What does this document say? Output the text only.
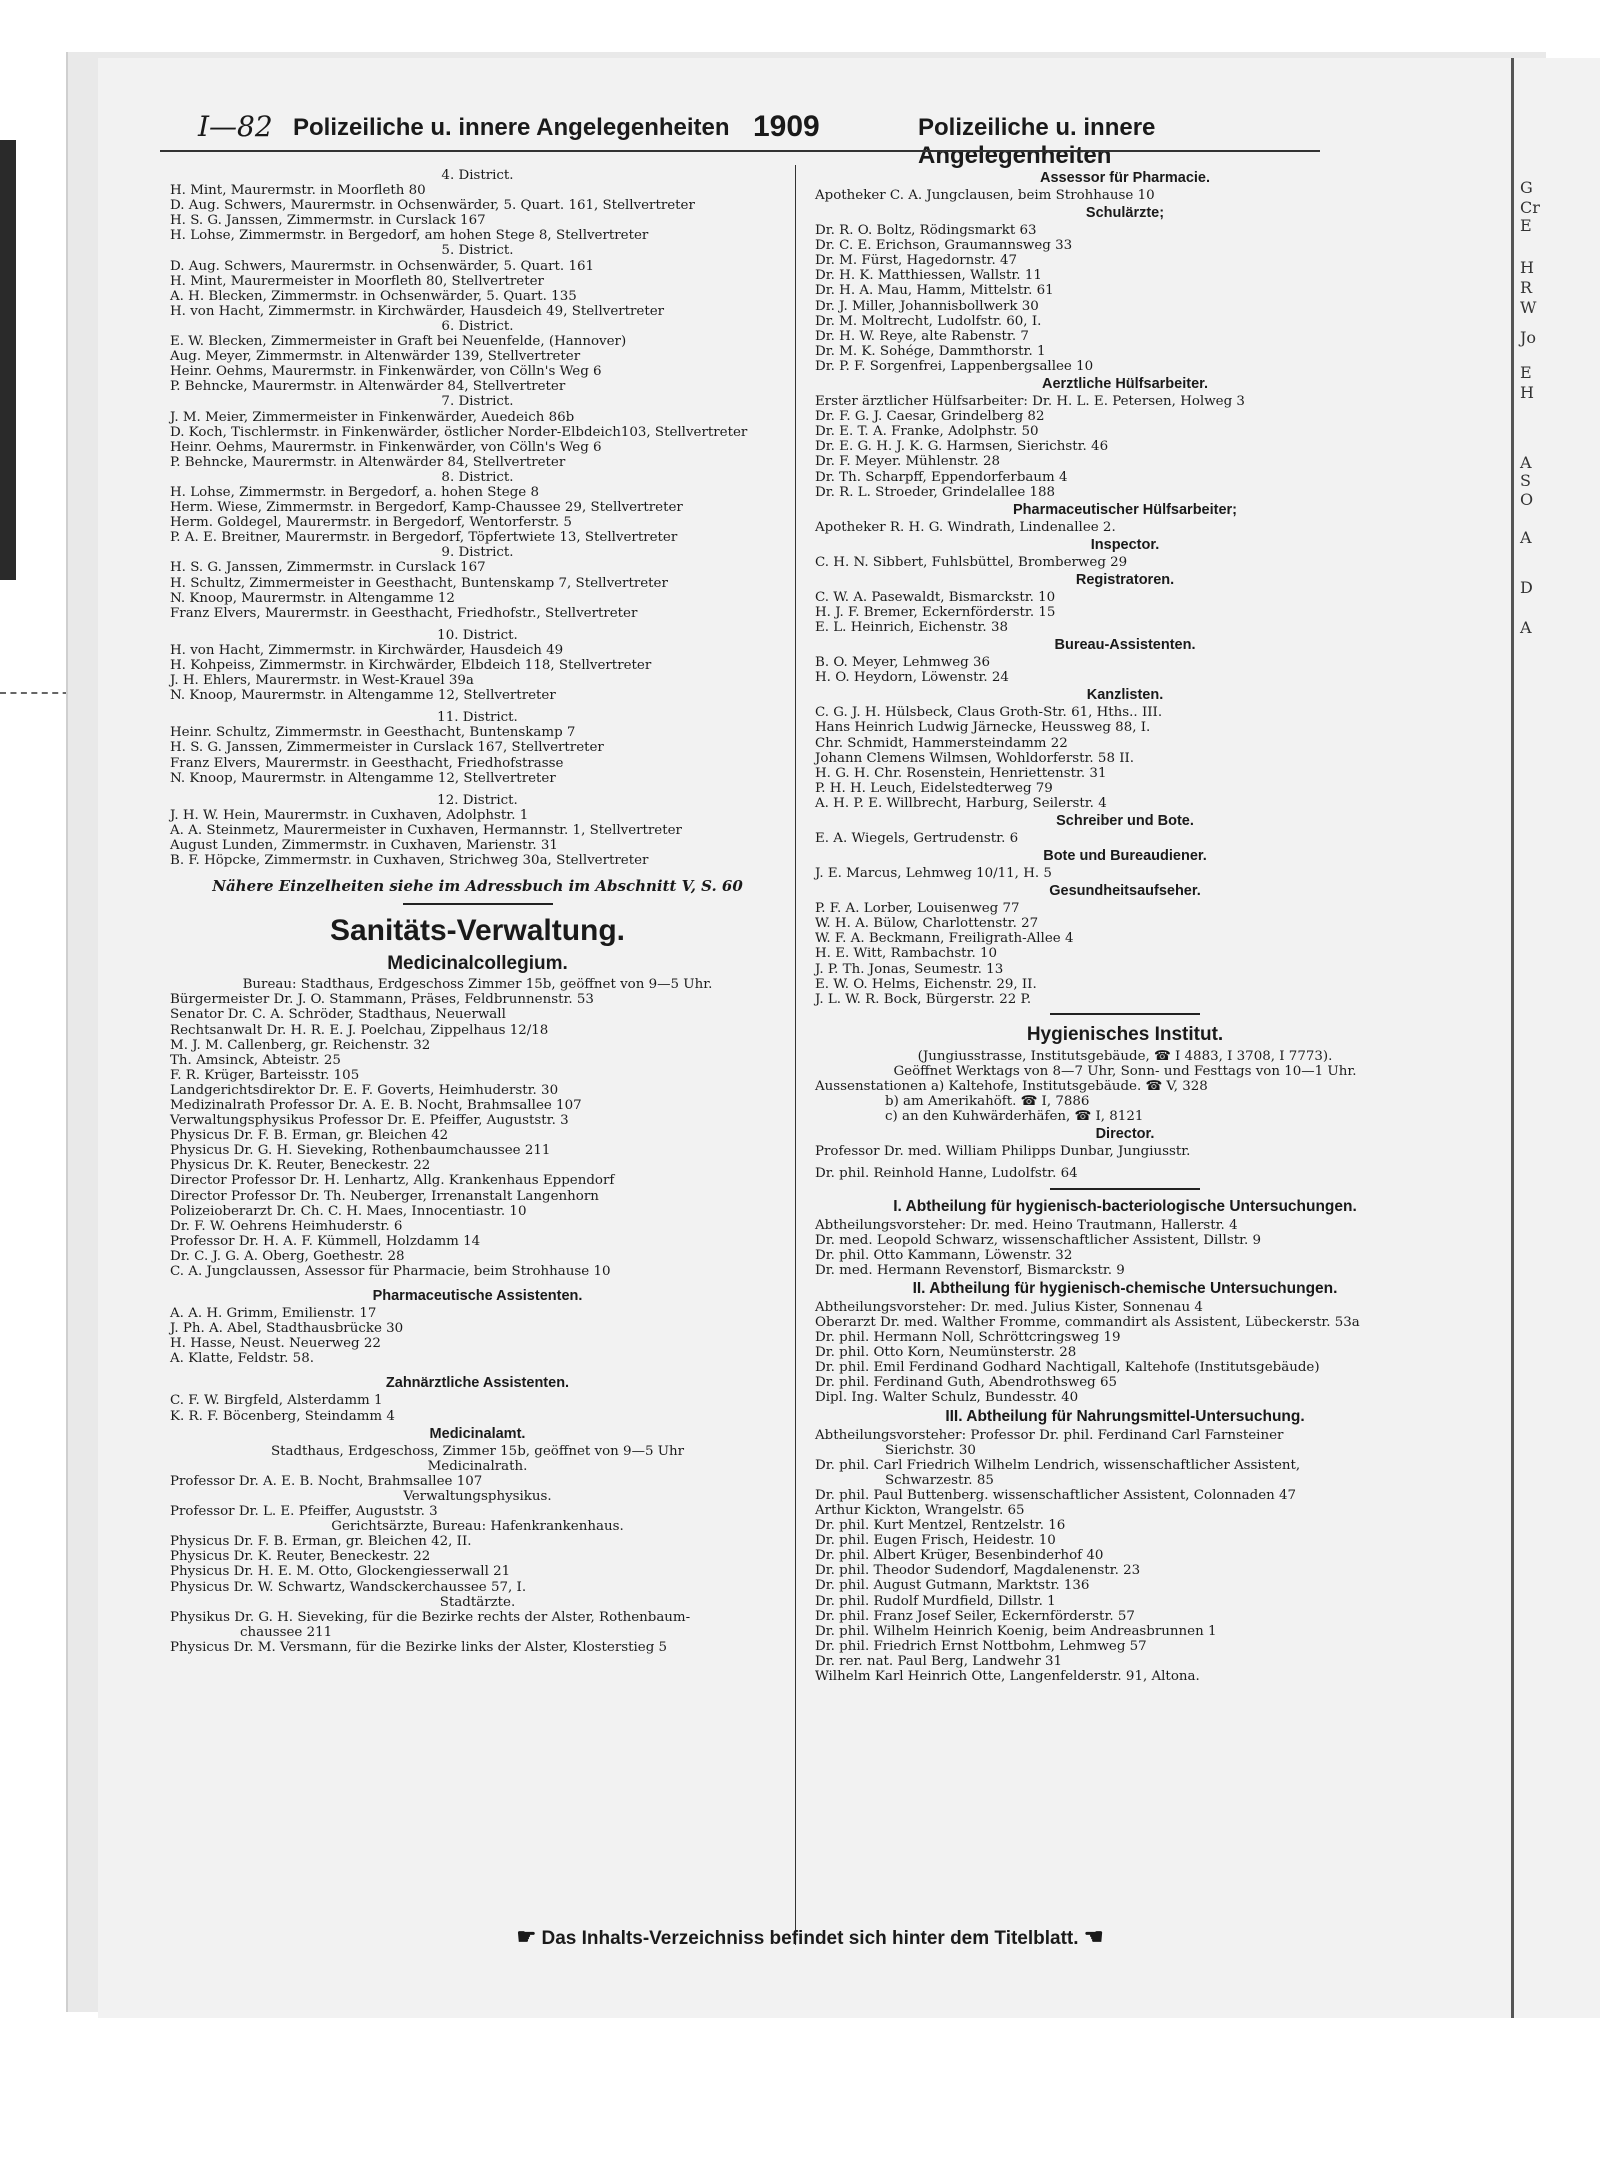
G
Cr
E
H
R
W
Jo
E
H
A
S
O
A
D
A
I—82 Polizeiliche u. innere Angelegenheiten 1909	Polizeiliche u. innere Angelegenheiten
4. District.
H. Mint, Maurermstr. in Moorfleth 80
D. Aug. Schwers, Maurermstr. in Ochsenwärder, 5. Quart. 161, Stellvertreter
H. S. G. Janssen, Zimmermstr. in Curslack 167
H. Lohse, Zimmermstr. in Bergedorf, am hohen Stege 8, Stellvertreter
5. District.
D. Aug. Schwers, Maurermstr. in Ochsenwärder, 5. Quart. 161
H. Mint, Maurermeister in Moorfleth 80, Stellvertreter
A. H. Blecken, Zimmermstr. in Ochsenwärder, 5. Quart. 135
H. von Hacht, Zimmermstr. in Kirchwärder, Hausdeich 49, Stellvertreter
6. District.
E. W. Blecken, Zimmermeister in Graft bei Neuenfelde, (Hannover)
Aug. Meyer, Zimmermstr. in Altenwärder 139, Stellvertreter
Heinr. Oehms, Maurermstr. in Finkenwärder, von Cölln's Weg 6
P. Behncke, Maurermstr. in Altenwärder 84, Stellvertreter
7. District.
J. M. Meier, Zimmermeister in Finkenwärder, Auedeich 86b
D. Koch, Tischlermstr. in Finkenwärder, östlicher Norder-Elbdeich103, Stellvertreter
Heinr. Oehms, Maurermstr. in Finkenwärder, von Cölln's Weg 6
P. Behncke, Maurermstr. in Altenwärder 84, Stellvertreter
8. District.
H. Lohse, Zimmermstr. in Bergedorf, a. hohen Stege 8
Herm. Wiese, Zimmermstr. in Bergedorf, Kamp-Chaussee 29, Stellvertreter
Herm. Goldegel, Maurermstr. in Bergedorf, Wentorferstr. 5
P. A. E. Breitner, Maurermstr. in Bergedorf, Töpfertwiete 13, Stellvertreter
9. District.
H. S. G. Janssen, Zimmermstr. in Curslack 167
H. Schultz, Zimmermeister in Geesthacht, Buntenskamp 7, Stellvertreter
N. Knoop, Maurermstr. in Altengamme 12
Franz Elvers, Maurermstr. in Geesthacht, Friedhofstr., Stellvertreter
10. District.
H. von Hacht, Zimmermstr. in Kirchwärder, Hausdeich 49
H. Kohpeiss, Zimmermstr. in Kirchwärder, Elbdeich 118, Stellvertreter
J. H. Ehlers, Maurermstr. in West-Krauel 39a
N. Knoop, Maurermstr. in Altengamme 12, Stellvertreter
11. District.
Heinr. Schultz, Zimmermstr. in Geesthacht, Buntenskamp 7
H. S. G. Janssen, Zimmermeister in Curslack 167, Stellvertreter
Franz Elvers, Maurermstr. in Geesthacht, Friedhofstrasse
N. Knoop, Maurermstr. in Altengamme 12, Stellvertreter
12. District.
J. H. W. Hein, Maurermstr. in Cuxhaven, Adolphstr. 1
A. A. Steinmetz, Maurermeister in Cuxhaven, Hermannstr. 1, Stellvertreter
August Lunden, Zimmermstr. in Cuxhaven, Marienstr. 31
B. F. Höpcke, Zimmermstr. in Cuxhaven, Strichweg 30a, Stellvertreter
Nähere Einzelheiten siehe im Adressbuch im Abschnitt V, S. 60
Sanitäts-Verwaltung.
Medicinalcollegium.
Bureau: Stadthaus, Erdgeschoss Zimmer 15b, geöffnet von 9—5 Uhr.
Bürgermeister Dr. J. O. Stammann, Präses, Feldbrunnenstr. 53
Senator Dr. C. A. Schröder, Stadthaus, Neuerwall
Rechtsanwalt Dr. H. R. E. J. Poelchau, Zippelhaus 12/18
M. J. M. Callenberg, gr. Reichenstr. 32
Th. Amsinck, Abteistr. 25
F. R. Krüger, Barteisstr. 105
Landgerichtsdirektor Dr. E. F. Goverts, Heimhuderstr. 30
Medizinalrath Professor Dr. A. E. B. Nocht, Brahmsallee 107
Verwaltungsphysikus Professor Dr. E. Pfeiffer, Auguststr. 3
Physicus Dr. F. B. Erman, gr. Bleichen 42
Physicus Dr. G. H. Sieveking, Rothenbaumchaussee 211
Physicus Dr. K. Reuter, Beneckestr. 22
Director Professor Dr. H. Lenhartz, Allg. Krankenhaus Eppendorf
Director Professor Dr. Th. Neuberger, Irrenanstalt Langenhorn
Polizeioberarzt Dr. Ch. C. H. Maes, Innocentiastr. 10
Dr. F. W. Oehrens Heimhuderstr. 6
Professor Dr. H. A. F. Kümmell, Holzdamm 14
Dr. C. J. G. A. Oberg, Goethestr. 28
C. A. Jungclaussen, Assessor für Pharmacie, beim Strohhause 10
Pharmaceutische Assistenten.
A. A. H. Grimm, Emilienstr. 17
J. Ph. A. Abel, Stadthausbrücke 30
H. Hasse, Neust. Neuerweg 22
A. Klatte, Feldstr. 58.
Zahnärztliche Assistenten.
C. F. W. Birgfeld, Alsterdamm 1
K. R. F. Böcenberg, Steindamm 4
Medicinalamt.
Stadthaus, Erdgeschoss, Zimmer 15b, geöffnet von 9—5 Uhr
Medicinalrath.
Professor Dr. A. E. B. Nocht, Brahmsallee 107
Verwaltungsphysikus.
Professor Dr. L. E. Pfeiffer, Auguststr. 3
Gerichtsärzte, Bureau: Hafenkrankenhaus.
Physicus Dr. F. B. Erman, gr. Bleichen 42, II.
Physicus Dr. K. Reuter, Beneckestr. 22
Physicus Dr. H. E. M. Otto, Glockengiesserwall 21
Physicus Dr. W. Schwartz, Wandsckerchaussee 57, I.
Stadtärzte.
Physikus Dr. G. H. Sieveking, für die Bezirke rechts der Alster, Rothenbaum-
chaussee 211
Physicus Dr. M. Versmann, für die Bezirke links der Alster, Klosterstieg 5
Assessor für Pharmacie.
Apotheker C. A. Jungclausen, beim Strohhause 10
Schulärzte;
Dr. R. O. Boltz, Rödingsmarkt 63
Dr. C. E. Erichson, Graumannsweg 33
Dr. M. Fürst, Hagedornstr. 47
Dr. H. K. Matthiessen, Wallstr. 11
Dr. H. A. Mau, Hamm, Mittelstr. 61
Dr. J. Miller, Johannisbollwerk 30
Dr. M. Moltrecht, Ludolfstr. 60, I.
Dr. H. W. Reye, alte Rabenstr. 7
Dr. M. K. Sohége, Dammthorstr. 1
Dr. P. F. Sorgenfrei, Lappenbergsallee 10
Aerztliche Hülfsarbeiter.
Erster ärztlicher Hülfsarbeiter: Dr. H. L. E. Petersen, Holweg 3
Dr. F. G. J. Caesar, Grindelberg 82
Dr. E. T. A. Franke, Adolphstr. 50
Dr. E. G. H. J. K. G. Harmsen, Sierichstr. 46
Dr. F. Meyer. Mühlenstr. 28
Dr. Th. Scharpff, Eppendorferbaum 4
Dr. R. L. Stroeder, Grindelallee 188
Pharmaceutischer Hülfsarbeiter;
Apotheker R. H. G. Windrath, Lindenallee 2.
Inspector.
C. H. N. Sibbert, Fuhlsbüttel, Bromberweg 29
Registratoren.
C. W. A. Pasewaldt, Bismarckstr. 10
H. J. F. Bremer, Eckernförderstr. 15
E. L. Heinrich, Eichenstr. 38
Bureau-Assistenten.
B. O. Meyer, Lehmweg 36
H. O. Heydorn, Löwenstr. 24
Kanzlisten.
C. G. J. H. Hülsbeck, Claus Groth-Str. 61, Hths.. III.
Hans Heinrich Ludwig Järnecke, Heussweg 88, I.
Chr. Schmidt, Hammersteindamm 22
Johann Clemens Wilmsen, Wohldorferstr. 58 II.
H. G. H. Chr. Rosenstein, Henriettenstr. 31
P. H. H. Leuch, Eidelstedterweg 79
A. H. P. E. Willbrecht, Harburg, Seilerstr. 4
Schreiber und Bote.
E. A. Wiegels, Gertrudenstr. 6
Bote und Bureaudiener.
J. E. Marcus, Lehmweg 10/11, H. 5
Gesundheitsaufseher.
P. F. A. Lorber, Louisenweg 77
W. H. A. Bülow, Charlottenstr. 27
W. F. A. Beckmann, Freiligrath-Allee 4
H. E. Witt, Rambachstr. 10
J. P. Th. Jonas, Seumestr. 13
E. W. O. Helms, Eichenstr. 29, II.
J. L. W. R. Bock, Bürgerstr. 22 P.
Hygienisches Institut.
(Jungiusstrasse, Institutsgebäude, ☎ I 4883, I 3708, I 7773).
Geöffnet Werktags von 8—7 Uhr, Sonn- und Festtags von 10—1 Uhr.
Aussenstationen a) Kaltehofe, Institutsgebäude. ☎ V, 328
b) am Amerikahöft. ☎ I, 7886
c) an den Kuhwärderhäfen, ☎ I, 8121
Director.
Professor Dr. med. William Philipps Dunbar, Jungiusstr.
Dr. phil. Reinhold Hanne, Ludolfstr. 64
I. Abtheilung für hygienisch-bacteriologische Untersuchungen.
Abtheilungsvorsteher: Dr. med. Heino Trautmann, Hallerstr. 4
Dr. med. Leopold Schwarz, wissenschaftlicher Assistent, Dillstr. 9
Dr. phil. Otto Kammann, Löwenstr. 32
Dr. med. Hermann Revenstorf, Bismarckstr. 9
II. Abtheilung für hygienisch-chemische Untersuchungen.
Abtheilungsvorsteher: Dr. med. Julius Kister, Sonnenau 4
Oberarzt Dr. med. Walther Fromme, commandirt als Assistent, Lübeckerstr. 53a
Dr. phil. Hermann Noll, Schröttcringsweg 19
Dr. phil. Otto Korn, Neumünsterstr. 28
Dr. phil. Emil Ferdinand Godhard Nachtigall, Kaltehofe (Institutsgebäude)
Dr. phil. Ferdinand Guth, Abendrothsweg 65
Dipl. Ing. Walter Schulz, Bundesstr. 40
III. Abtheilung für Nahrungsmittel-Untersuchung.
Abtheilungsvorsteher: Professor Dr. phil. Ferdinand Carl Farnsteiner
Sierichstr. 30
Dr. phil. Carl Friedrich Wilhelm Lendrich, wissenschaftlicher Assistent,
Schwarzestr. 85
Dr. phil. Paul Buttenberg. wissenschaftlicher Assistent, Colonnaden 47
Arthur Kickton, Wrangelstr. 65
Dr. phil. Kurt Mentzel, Rentzelstr. 16
Dr. phil. Eugen Frisch, Heidestr. 10
Dr. phil. Albert Krüger, Besenbinderhof 40
Dr. phil. Theodor Sudendorf, Magdalenenstr. 23
Dr. phil. August Gutmann, Marktstr. 136
Dr. phil. Rudolf Murdfield, Dillstr. 1
Dr. phil. Franz Josef Seiler, Eckernförderstr. 57
Dr. phil. Wilhelm Heinrich Koenig, beim Andreasbrunnen 1
Dr. phil. Friedrich Ernst Nottbohm, Lehmweg 57
Dr. rer. nat. Paul Berg, Landwehr 31
Wilhelm Karl Heinrich Otte, Langenfelderstr. 91, Altona.
☛ Das Inhalts-Verzeichniss befindet sich hinter dem Titelblatt. ☚
